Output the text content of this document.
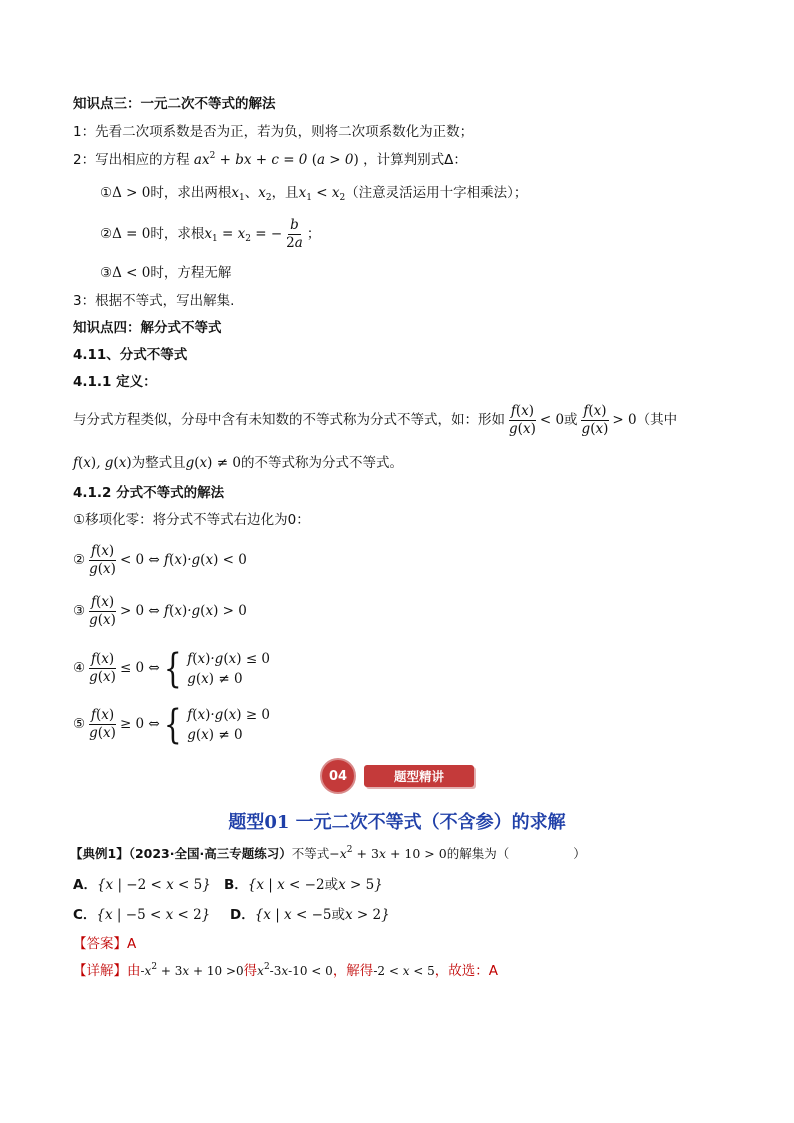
知识点三：一元二次不等式的解法
1：先看二次项系数是否为正，若为负，则将二次项系数化为正数；
2：写出相应的方程 $ax^2$ + bx + c = 0 (a > 0) ，计算判别式Δ：
①Δ > 0时，求出两根$x_1$、$x_2$，且$x_1 < x_2$（注意灵活运用十字相乘法）；
②Δ = 0时，求根$x_1 = x_2$ = − $\frac{b}{2a}$ ；
③Δ < 0时，方程无解
3：根据不等式，写出解集.
知识点四：解分式不等式
4.11、分式不等式
4.1.1 定义：
与分式方程类似，分母中含有未知数的不等式称为分式不等式，如：形如 $\frac{f(x)}{g(x)} < 0$或 $\frac{f(x)}{g(x)} > 0$（其中
f(x), g(x)为整式且g(x) ≠ 0的不等式称为分式不等式。
4.1.2 分式不等式的解法
①移项化零：将分式不等式右边化为0：
② $\frac{f(x)}{g(x)} < 0$ ⇔ f(x)·g(x) < 0
③ $\frac{f(x)}{g(x)} > 0$ ⇔ f(x)·g(x) > 0
④ $\frac{f(x)}{g(x)} \le 0$ ⇔ { f(x)·g(x) ≤ 0
g(x) ≠ 0
⑤ $\frac{f(x)}{g(x)} \ge 0$ ⇔ { f(x)·g(x) ≥ 0
g(x) ≠ 0
04	题型精讲
题型01 一元二次不等式（不含参）的求解
【典例1】（2023·全国·高三专题练习）不等式$-x^2 + 3x + 10 > 0$的解集为（	）
A．{x | −2 < x < 5} B．{x | x < −2或x > 5}
C．{x | −5 < x < 2} D．{x | x < −5或x > 2}
【答案】A
【详解】由$-x^2 + 3x + 10 >0$得$x^2-3x-10 < 0$，解得-2 < x < 5，故选：A
